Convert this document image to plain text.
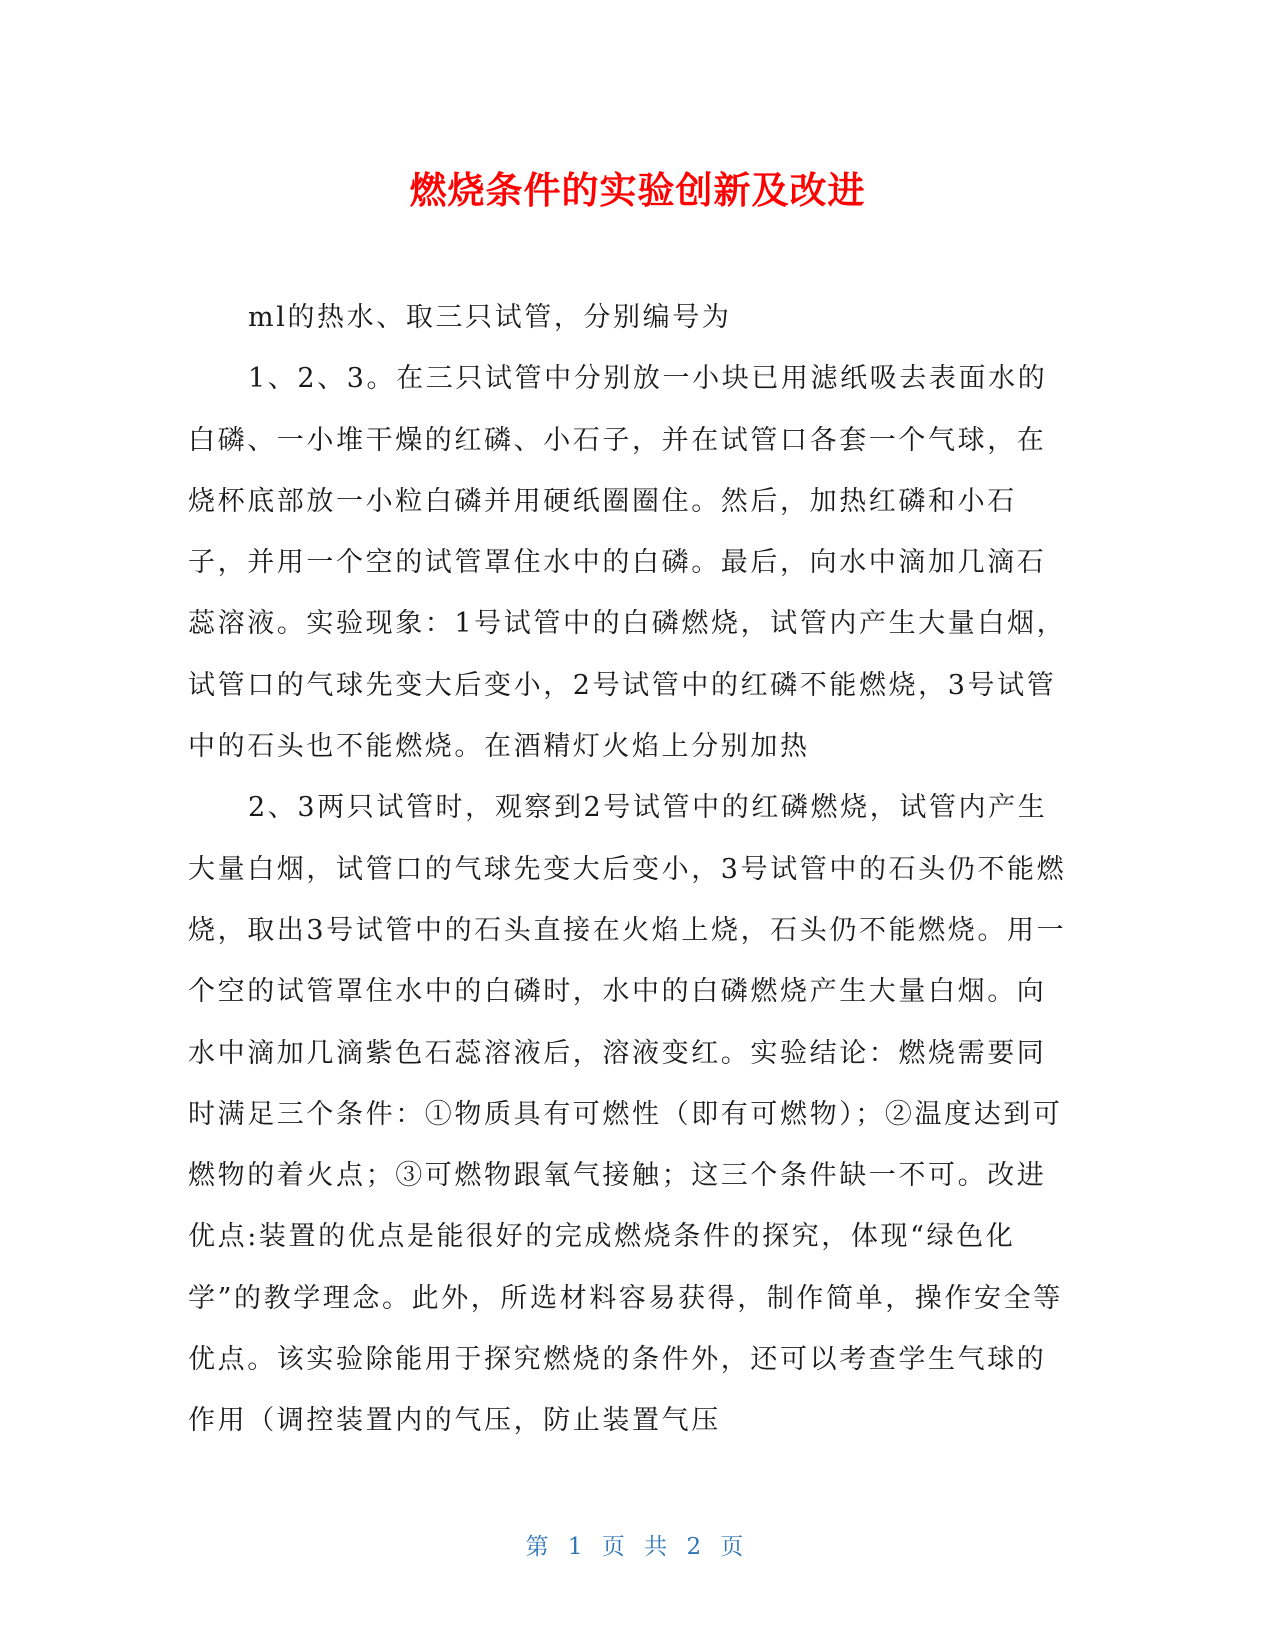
燃烧条件的实验创新及改进

ml的热水、取三只试管，分别编号为

1、2、3。在三只试管中分别放一小块已用滤纸吸去表面水的白磷、一小堆干燥的红磷、小石子，并在试管口各套一个气球，在烧杯底部放一小粒白磷并用硬纸圈圈住。然后，加热红磷和小石子，并用一个空的试管罩住水中的白磷。最后，向水中滴加几滴石蕊溶液。实验现象：1号试管中的白磷燃烧，试管内产生大量白烟，试管口的气球先变大后变小，2号试管中的红磷不能燃烧，3号试管中的石头也不能燃烧。在酒精灯火焰上分别加热

2、3两只试管时，观察到2号试管中的红磷燃烧，试管内产生大量白烟，试管口的气球先变大后变小，3号试管中的石头仍不能燃烧，取出3号试管中的石头直接在火焰上烧，石头仍不能燃烧。用一个空的试管罩住水中的白磷时，水中的白磷燃烧产生大量白烟。向水中滴加几滴紫色石蕊溶液后，溶液变红。实验结论：燃烧需要同时满足三个条件：①物质具有可燃性（即有可燃物）；②温度达到可燃物的着火点；③可燃物跟氧气接触；这三个条件缺一不可。改进优点:装置的优点是能很好的完成燃烧条件的探究，体现“绿色化学”的教学理念。此外，所选材料容易获得，制作简单，操作安全等优点。该实验除能用于探究燃烧的条件外，还可以考查学生气球的作用（调控装置内的气压，防止装置气压

第 1 页 共 2 页
